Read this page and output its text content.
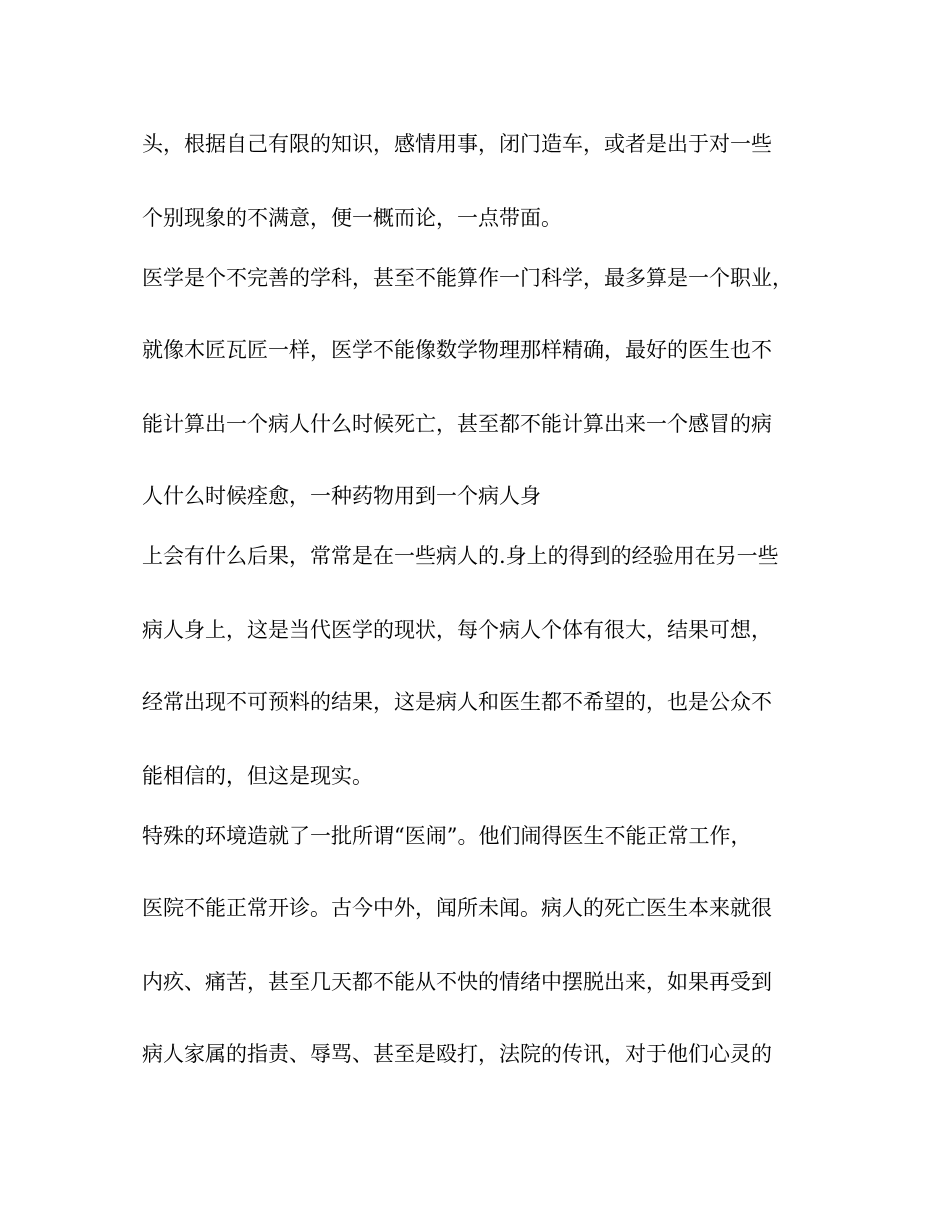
头，根据自己有限的知识，感情用事，闭门造车，或者是出于对一些
个别现象的不满意，便一概而论，一点带面。
医学是个不完善的学科，甚至不能算作一门科学，最多算是一个职业，
就像木匠瓦匠一样，医学不能像数学物理那样精确，最好的医生也不
能计算出一个病人什么时候死亡，甚至都不能计算出来一个感冒的病
人什么时候痊愈，一种药物用到一个病人身
上会有什么后果，常常是在一些病人的.身上的得到的经验用在另一些
病人身上，这是当代医学的现状，每个病人个体有很大，结果可想，
经常出现不可预料的结果，这是病人和医生都不希望的，也是公众不
能相信的，但这是现实。
特殊的环境造就了一批所谓“医闹”。他们闹得医生不能正常工作，
医院不能正常开诊。古今中外，闻所未闻。病人的死亡医生本来就很
内疚、痛苦，甚至几天都不能从不快的情绪中摆脱出来，如果再受到
病人家属的指责、辱骂、甚至是殴打，法院的传讯，对于他们心灵的
